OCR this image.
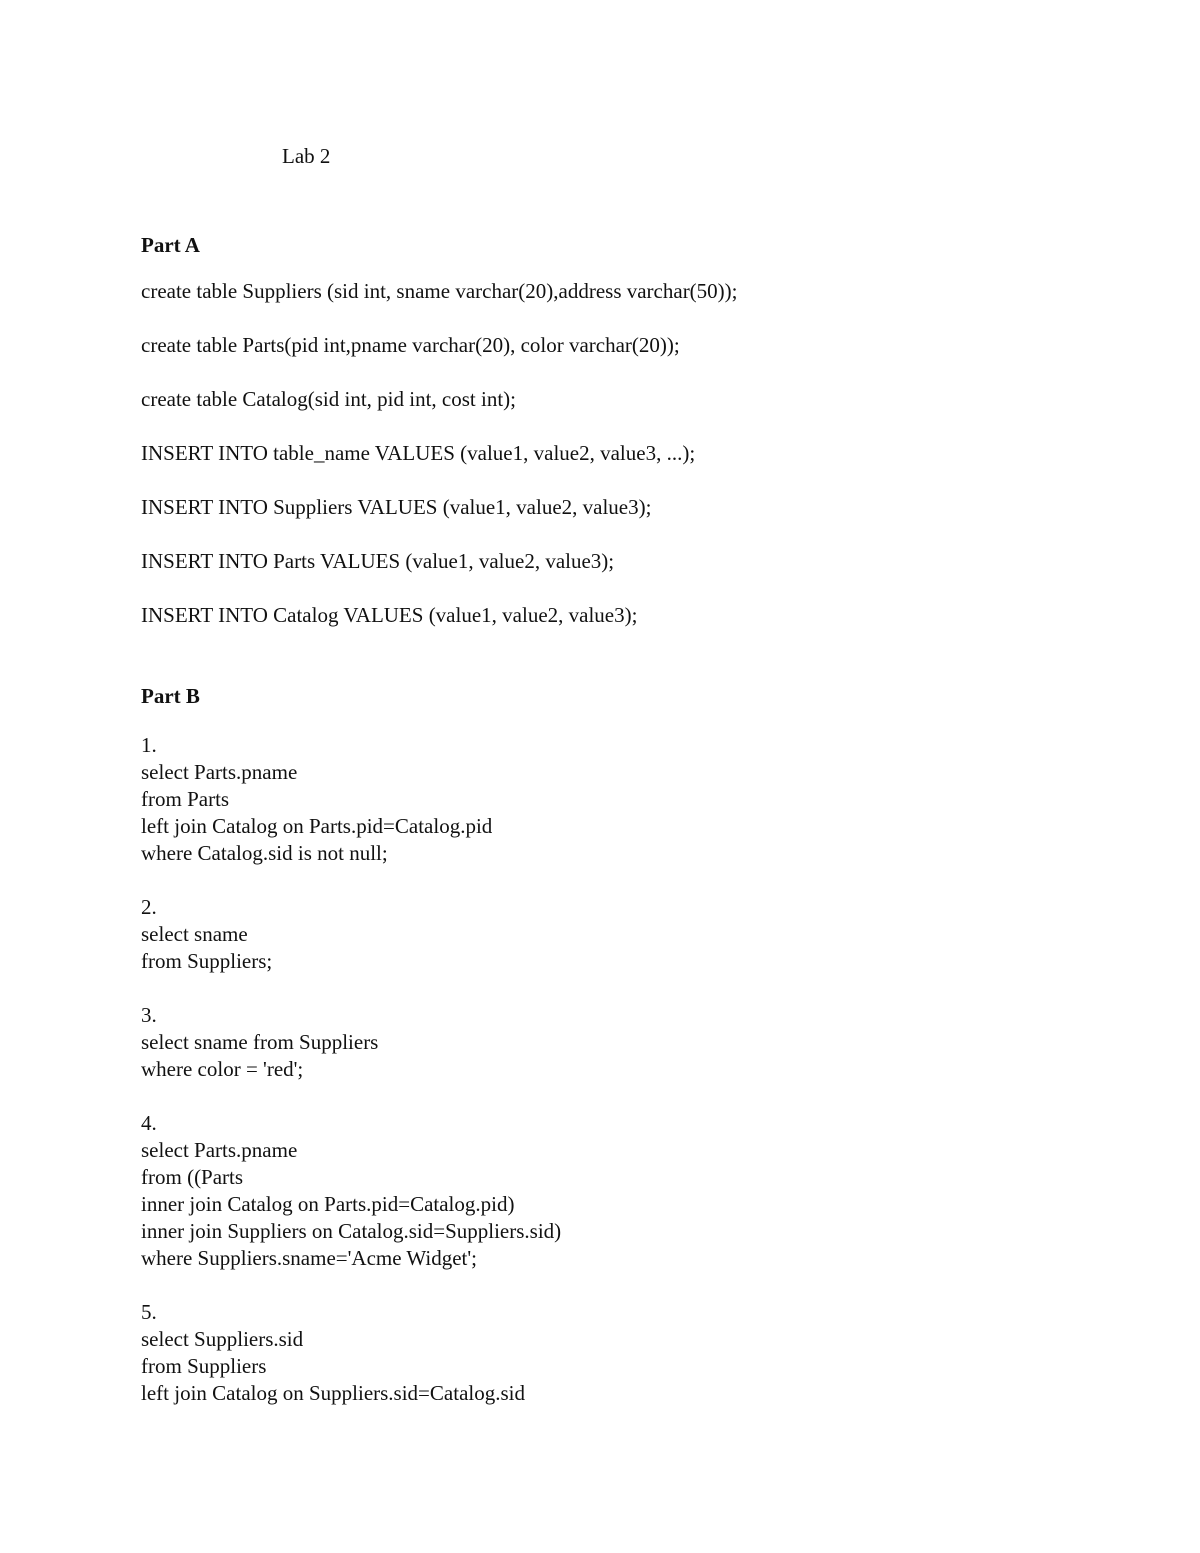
Lab 2
Part A

create table Suppliers (sid int, sname varchar(20),address varchar(50));

create table Parts(pid int,pname varchar(20), color varchar(20));

create table Catalog(sid int, pid int, cost int);

INSERT INTO table_name VALUES (value1, value2, value3, ...);

INSERT INTO Suppliers VALUES (value1, value2, value3);

INSERT INTO Parts VALUES (value1, value2, value3);

INSERT INTO Catalog VALUES (value1, value2, value3);

Part B
1.
select Parts.pname
from Parts
left join Catalog on Parts.pid=Catalog.pid
where Catalog.sid is not null;
2.
select sname
from Suppliers;
3.
select sname from Suppliers
where color = 'red';
4.
select Parts.pname
from ((Parts
inner join Catalog on Parts.pid=Catalog.pid)
inner join Suppliers on Catalog.sid=Suppliers.sid)
where Suppliers.sname='Acme Widget';
5.
select Suppliers.sid
from Suppliers
left join Catalog on Suppliers.sid=Catalog.sid
